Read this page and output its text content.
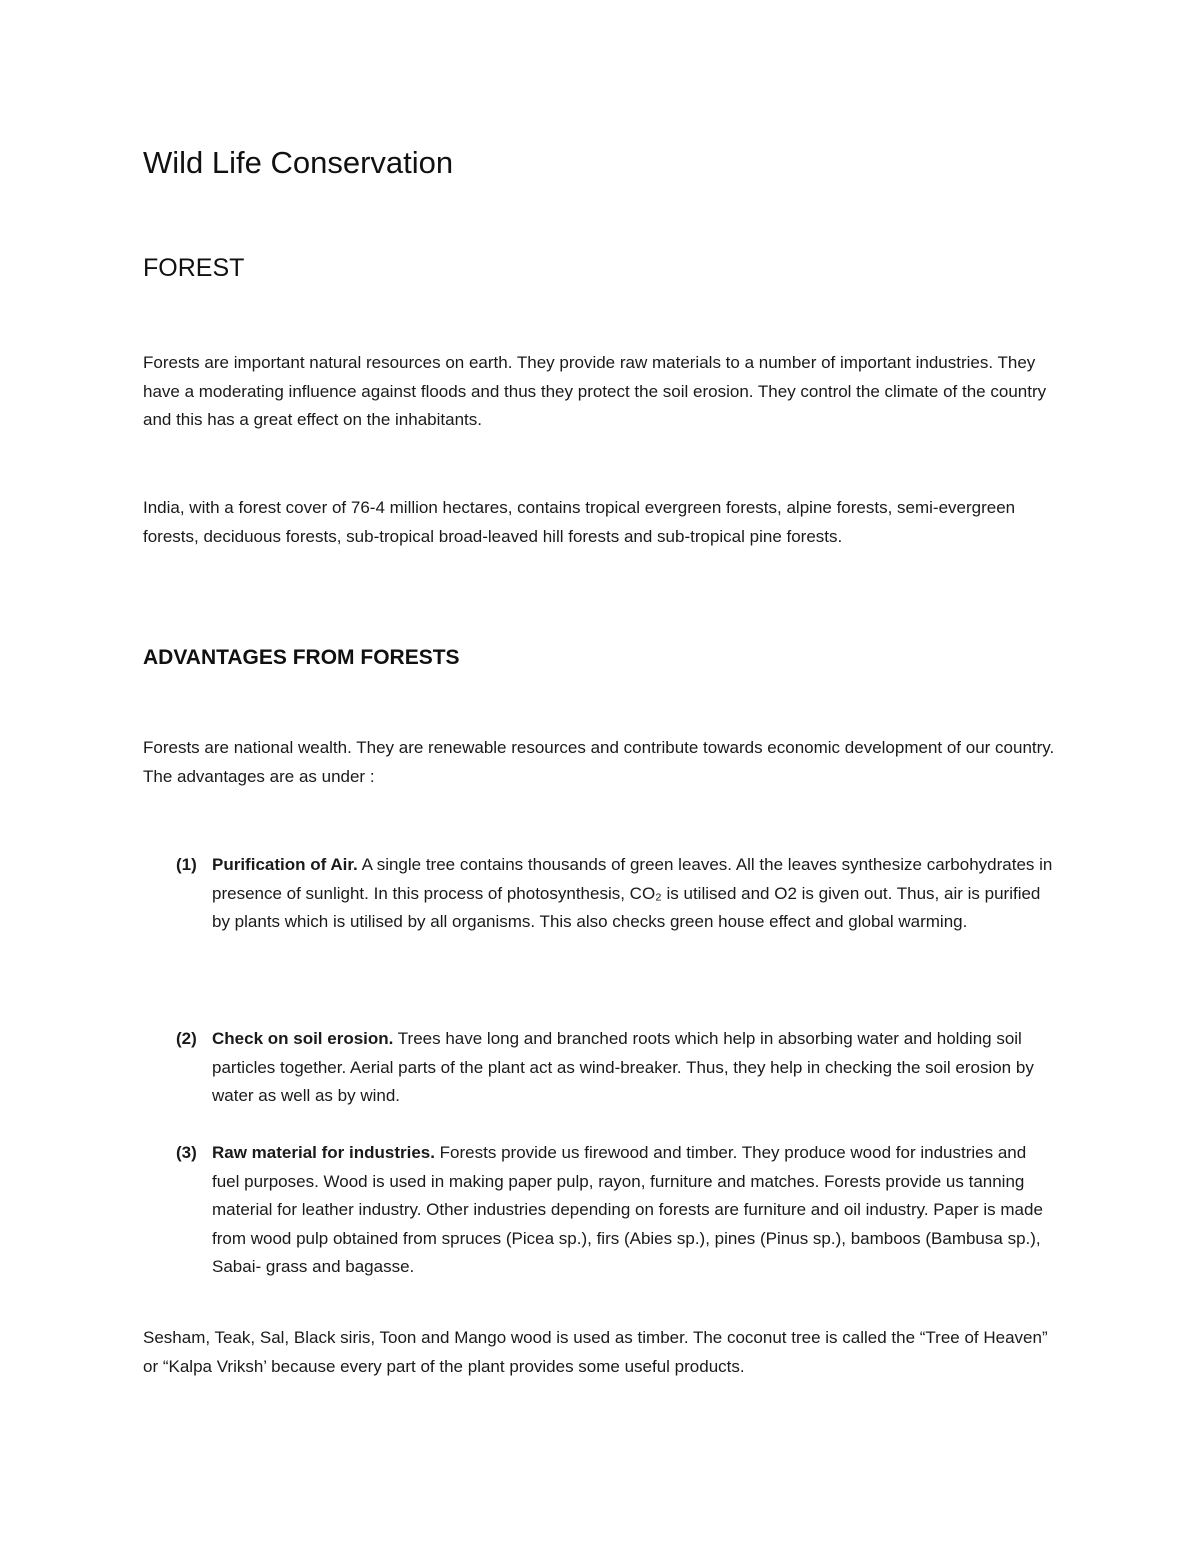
Wild Life Conservation
FOREST

Forests are important natural resources on earth. They provide raw materials to a number of important industries. They have a moderating influence against floods and thus they protect the soil erosion. They control the climate of the country and this has a great effect on the inhabitants.

India, with a forest cover of 76-4 million hectares, contains tropical evergreen forests, alpine forests, semi-evergreen forests, deciduous forests, sub-tropical broad-leaved hill forests and sub-tropical pine forests.

ADVANTAGES FROM FORESTS

Forests are national wealth. They are renewable resources and contribute towards economic development of our country. The advantages are as under :

(1) Purification of Air. A single tree contains thousands of green leaves. All the leaves synthesize carbohydrates in presence of sunlight. In this process of photosynthesis, CO₂ is utilised and O2 is given out. Thus, air is purified by plants which is utilised by all organisms. This also checks green house effect and global warming.
(2) Check on soil erosion. Trees have long and branched roots which help in absorbing water and holding soil particles together. Aerial parts of the plant act as wind-breaker. Thus, they help in checking the soil erosion by water as well as by wind.
(3) Raw material for industries. Forests provide us firewood and timber. They produce wood for industries and fuel purposes. Wood is used in making paper pulp, rayon, furniture and matches. Forests provide us tanning material for leather industry. Other industries depending on forests are furniture and oil industry. Paper is made from wood pulp obtained from spruces (Picea sp.), firs (Abies sp.), pines (Pinus sp.), bamboos (Bambusa sp.), Sabai- grass and bagasse.

Sesham, Teak, Sal, Black siris, Toon and Mango wood is used as timber. The coconut tree is called the “Tree of Heaven” or “Kalpa Vriksh’ because every part of the plant provides some useful products.
